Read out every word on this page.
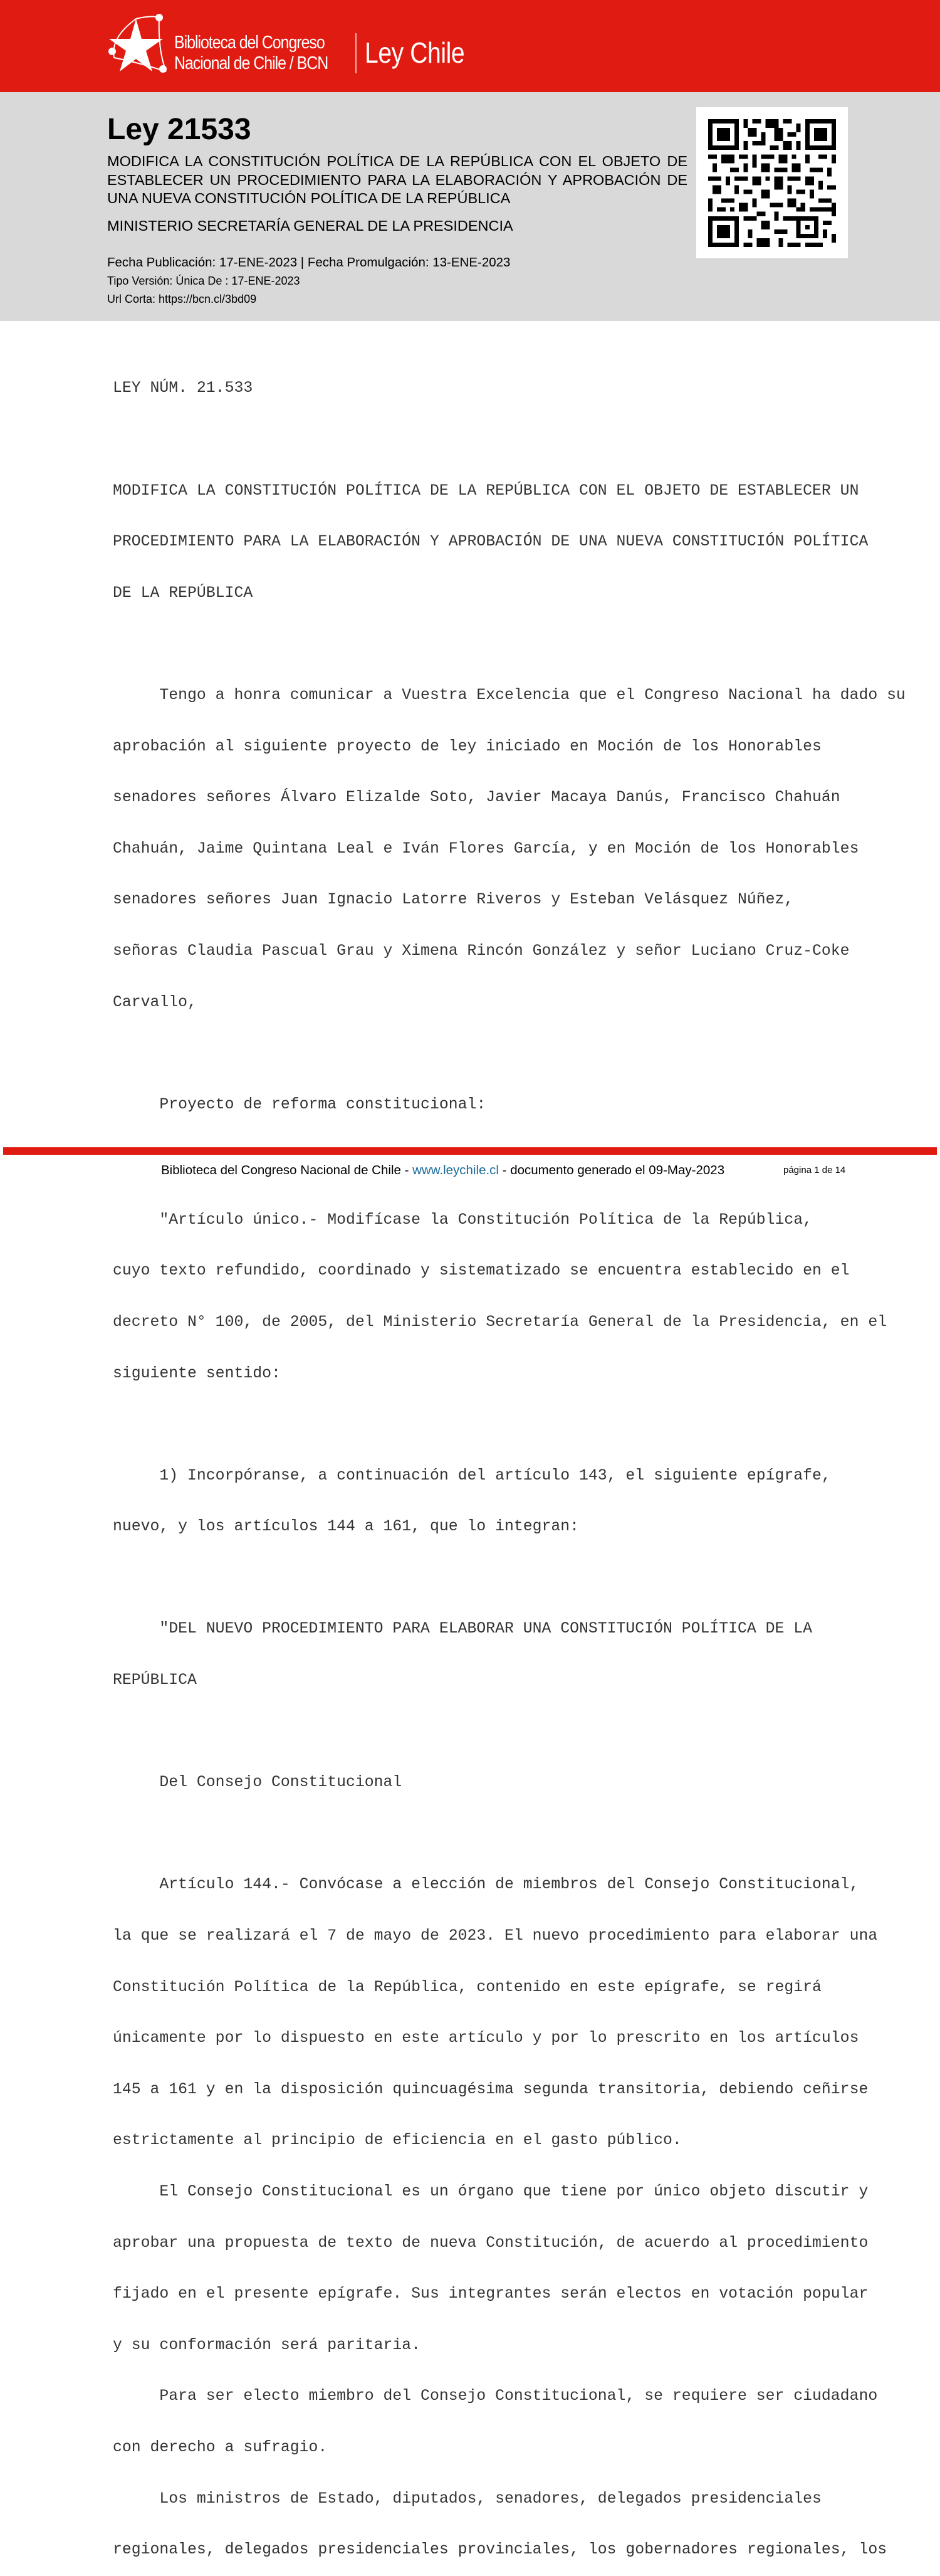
Biblioteca del Congreso
Nacional de Chile / BCN Ley Chile
Ley 21533

MODIFICA LA CONSTITUCIÓN POLÍTICA DE LA REPÚBLICA CON EL OBJETO DE ESTABLECER UN PROCEDIMIENTO PARA LA ELABORACIÓN Y APROBACIÓN DE UNA NUEVA CONSTITUCIÓN POLÍTICA DE LA REPÚBLICA

MINISTERIO SECRETARÍA GENERAL DE LA PRESIDENCIA
Fecha Publicación: 17-ENE-2023 | Fecha Promulgación: 13-ENE-2023
Tipo Versión: Única De : 17-ENE-2023
Url Corta: https://bcn.cl/3bd09

LEY NÚM. 21.533

MODIFICA LA CONSTITUCIÓN POLÍTICA DE LA REPÚBLICA CON EL OBJETO DE ESTABLECER UN

PROCEDIMIENTO PARA LA ELABORACIÓN Y APROBACIÓN DE UNA NUEVA CONSTITUCIÓN POLÍTICA

DE LA REPÚBLICA

Tengo a honra comunicar a Vuestra Excelencia que el Congreso Nacional ha dado su

aprobación al siguiente proyecto de ley iniciado en Moción de los Honorables

senadores señores Álvaro Elizalde Soto, Javier Macaya Danús, Francisco Chahuán

Chahuán, Jaime Quintana Leal e Iván Flores García, y en Moción de los Honorables

senadores señores Juan Ignacio Latorre Riveros y Esteban Velásquez Núñez,

señoras Claudia Pascual Grau y Ximena Rincón González y señor Luciano Cruz-Coke

Carvallo,

Proyecto de reforma constitucional:

"Artículo único.- Modifícase la Constitución Política de la República,

cuyo texto refundido, coordinado y sistematizado se encuentra establecido en el

decreto N° 100, de 2005, del Ministerio Secretaría General de la Presidencia, en el

siguiente sentido:

1) Incorpóranse, a continuación del artículo 143, el siguiente epígrafe,

nuevo, y los artículos 144 a 161, que lo integran:

"DEL NUEVO PROCEDIMIENTO PARA ELABORAR UNA CONSTITUCIÓN POLÍTICA DE LA

REPÚBLICA

Del Consejo Constitucional

Artículo 144.- Convócase a elección de miembros del Consejo Constitucional,

la que se realizará el 7 de mayo de 2023. El nuevo procedimiento para elaborar una

Constitución Política de la República, contenido en este epígrafe, se regirá

únicamente por lo dispuesto en este artículo y por lo prescrito en los artículos

145 a 161 y en la disposición quincuagésima segunda transitoria, debiendo ceñirse

estrictamente al principio de eficiencia en el gasto público.

El Consejo Constitucional es un órgano que tiene por único objeto discutir y

aprobar una propuesta de texto de nueva Constitución, de acuerdo al procedimiento

fijado en el presente epígrafe. Sus integrantes serán electos en votación popular

y su conformación será paritaria.

Para ser electo miembro del Consejo Constitucional, se requiere ser ciudadano

con derecho a sufragio.

Los ministros de Estado, diputados, senadores, delegados presidenciales

regionales, delegados presidenciales provinciales, los gobernadores regionales, los

Biblioteca del Congreso Nacional de Chile - www.leychile.cl - documento generado el 09-May-2023	página 1 de 14
